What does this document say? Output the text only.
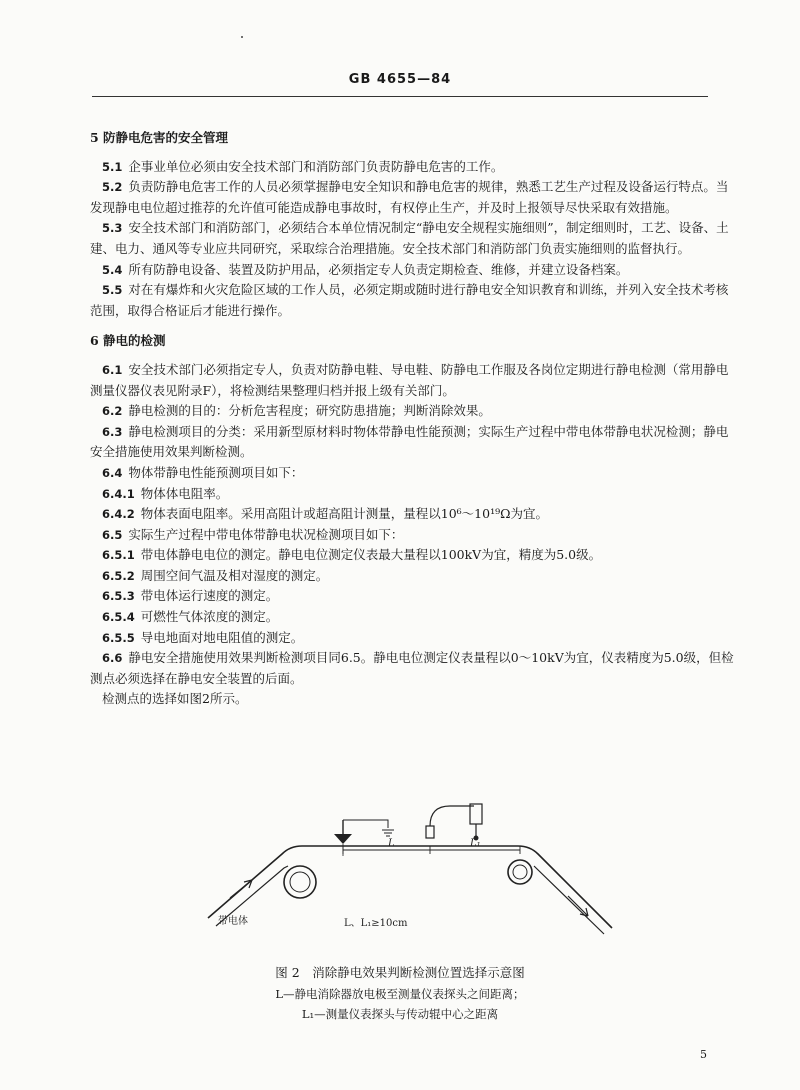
GB 4655—84

5 防静电危害的安全管理

5.1 企事业单位必须由安全技术部门和消防部门负责防静电危害的工作。

5.2 负责防静电危害工作的人员必须掌握静电安全知识和静电危害的规律，熟悉工艺生产过程及设备运行特点。当发现静电电位超过推荐的允许值可能造成静电事故时，有权停止生产，并及时上报领导尽快采取有效措施。

5.3 安全技术部门和消防部门，必须结合本单位情况制定“静电安全规程实施细则”，制定细则时，工艺、设备、土建、电力、通风等专业应共同研究，采取综合治理措施。安全技术部门和消防部门负责实施细则的监督执行。

5.4 所有防静电设备、装置及防护用品，必须指定专人负责定期检查、维修，并建立设备档案。

5.5 对在有爆炸和火灾危险区域的工作人员，必须定期或随时进行静电安全知识教育和训练，并列入安全技术考核范围，取得合格证后才能进行操作。

6 静电的检测

6.1 安全技术部门必须指定专人，负责对防静电鞋、导电鞋、防静电工作服及各岗位定期进行静电检测（常用静电测量仪器仪表见附录F），将检测结果整理归档并报上级有关部门。

6.2 静电检测的目的：分析危害程度；研究防患措施；判断消除效果。

6.3 静电检测项目的分类：采用新型原材料时物体带静电性能预测；实际生产过程中带电体带静电状况检测；静电安全措施使用效果判断检测。

6.4 物体带静电性能预测项目如下：

6.4.1 物体体电阻率。

6.4.2 物体表面电阻率。采用高阻计或超高阻计测量，量程以10⁶～10¹⁹Ω为宜。

6.5 实际生产过程中带电体带静电状况检测项目如下：

6.5.1 带电体静电电位的测定。静电电位测定仪表最大量程以100kV为宜，精度为5.0级。

6.5.2 周围空间气温及相对湿度的测定。

6.5.3 带电体运行速度的测定。

6.5.4 可燃性气体浓度的测定。

6.5.5 导电地面对地电阻值的测定。

6.6 静电安全措施使用效果判断检测项目同6.5。静电电位测定仪表量程以0～10kV为宜，仪表精度为5.0级，但检测点必须选择在静电安全装置的后面。

检测点的选择如图2所示。

L	L₁
带电体	L、L₁≥10cm
图 2　消除静电效果判断检测位置选择示意图
L—静电消除器放电极至测量仪表探头之间距离；
L₁—测量仪表探头与传动辊中心之距离
5
